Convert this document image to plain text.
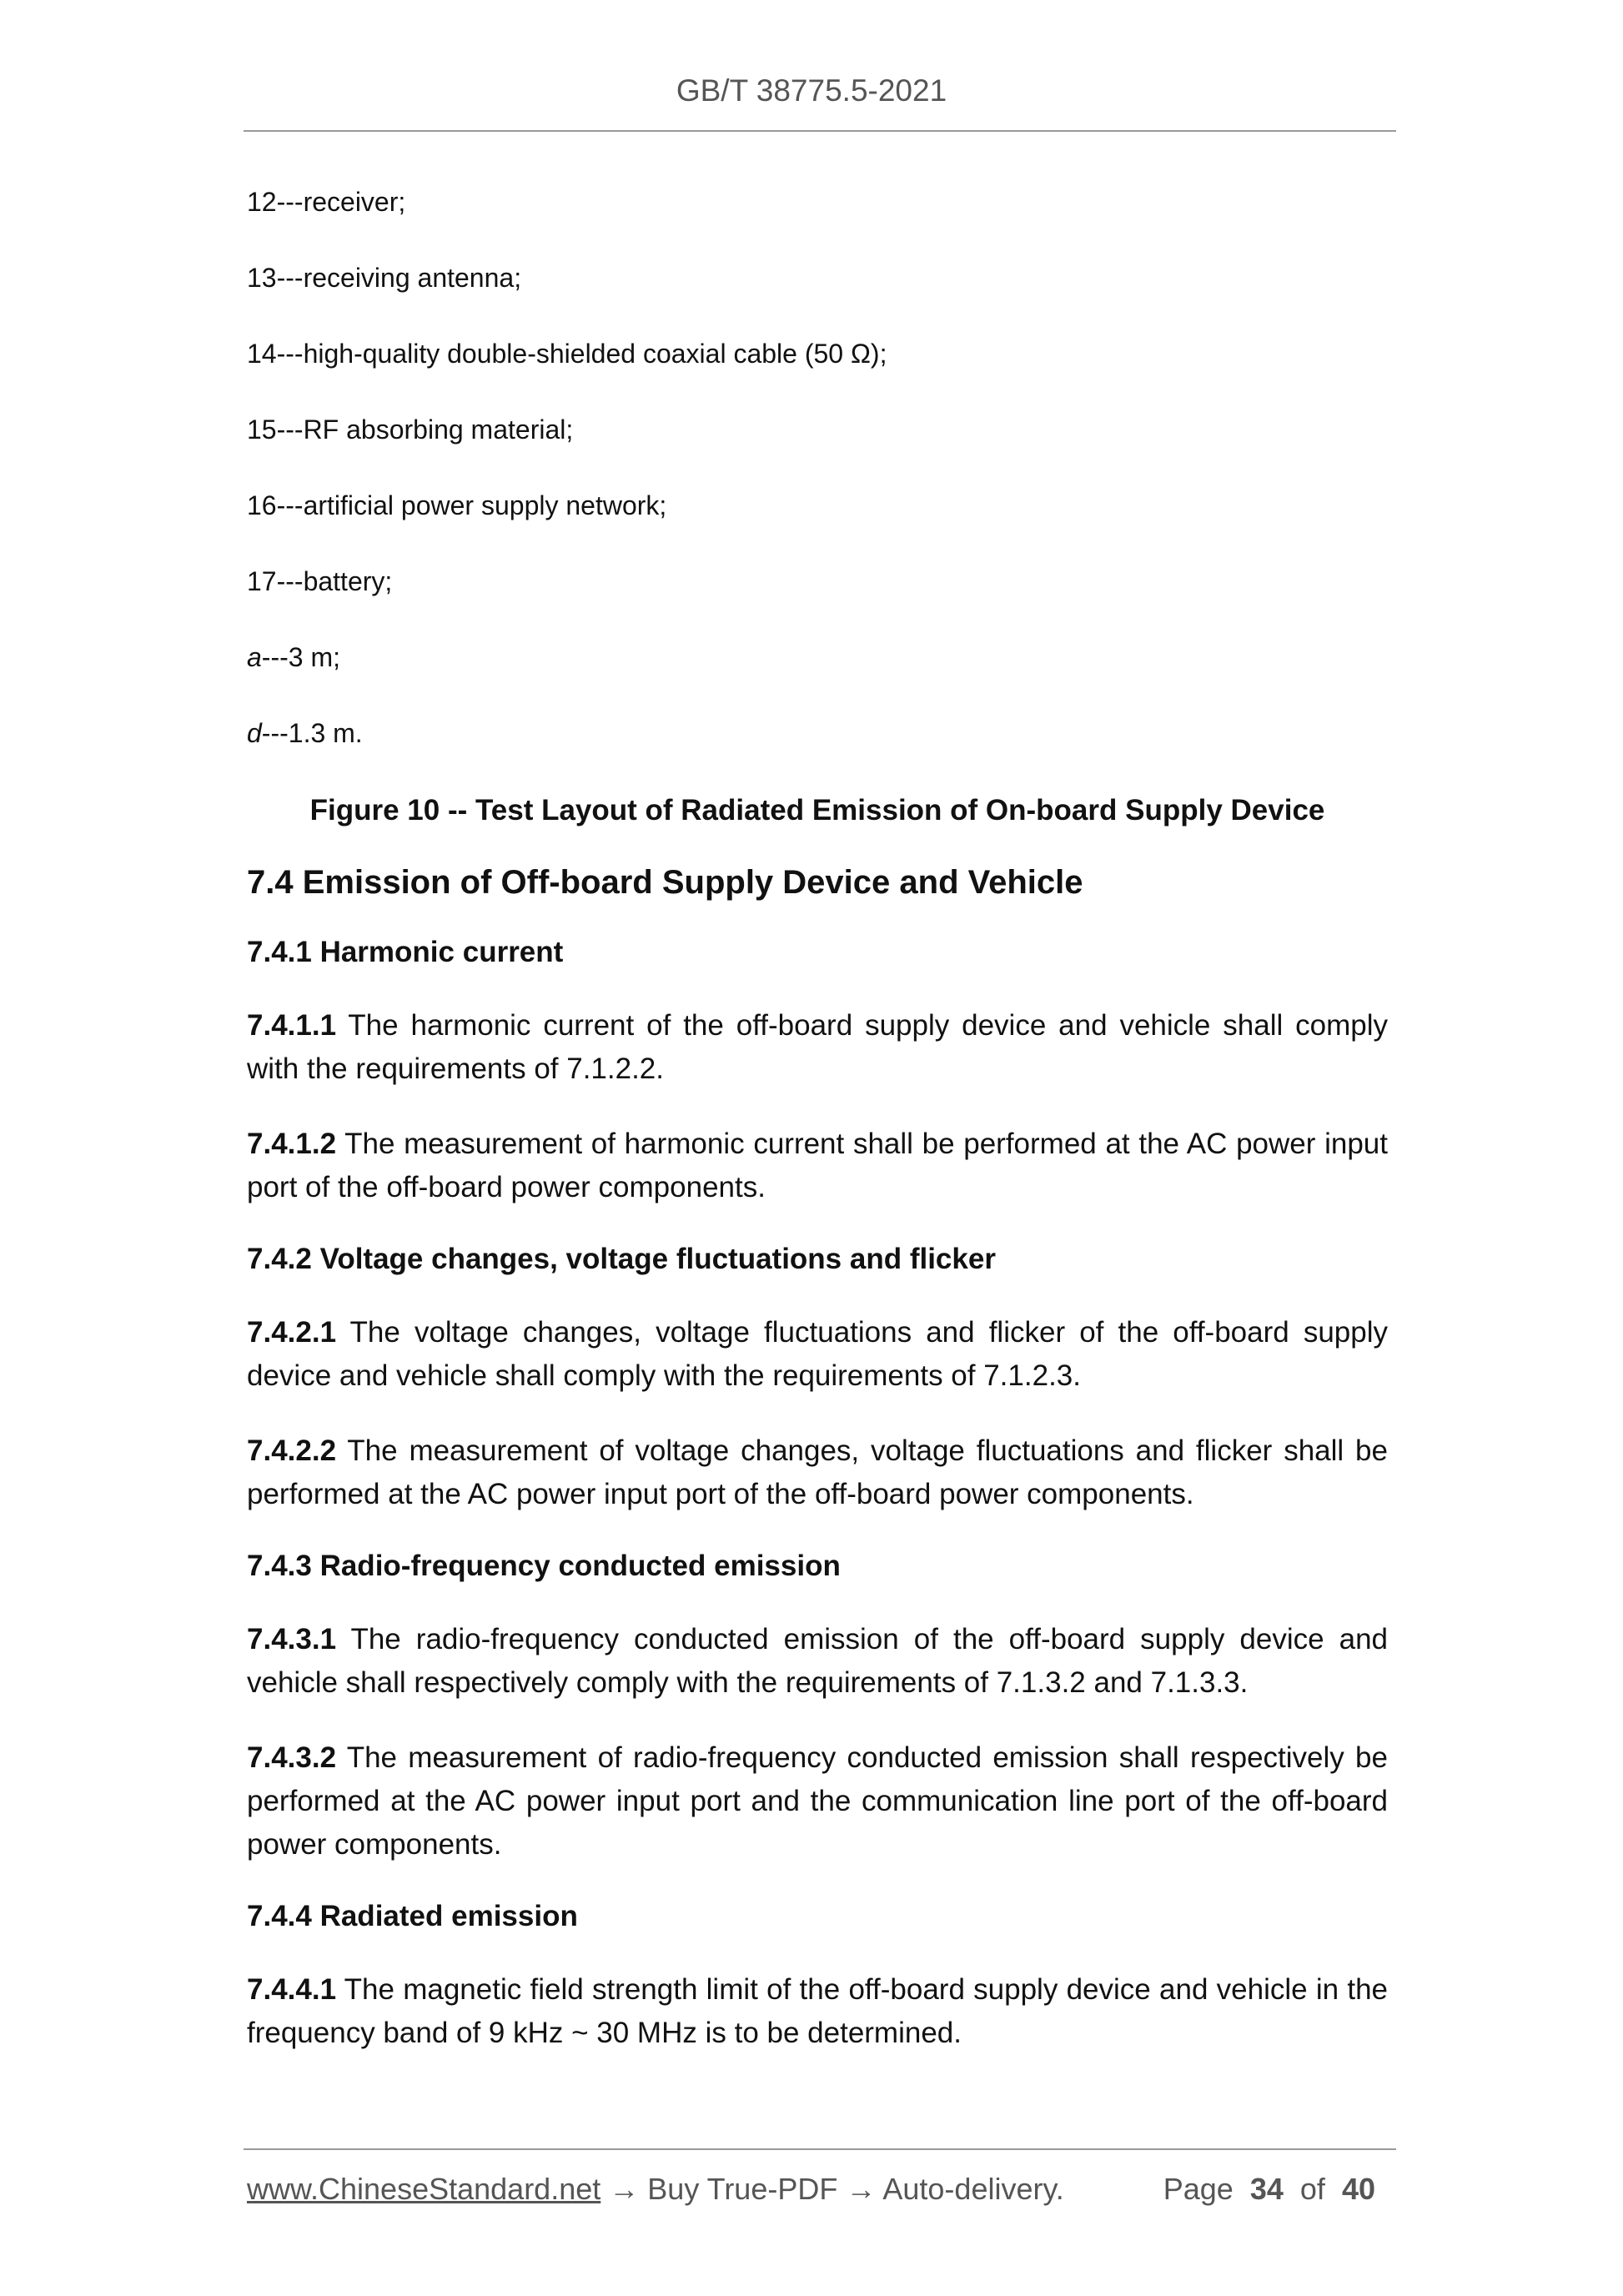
GB/T 38775.5-2021
12---receiver;
13---receiving antenna;
14---high-quality double-shielded coaxial cable (50 Ω);
15---RF absorbing material;
16---artificial power supply network;
17---battery;
a---3 m;
d---1.3 m.
Figure 10 -- Test Layout of Radiated Emission of On-board Supply Device
7.4 Emission of Off-board Supply Device and Vehicle
7.4.1 Harmonic current
7.4.1.1 The harmonic current of the off-board supply device and vehicle shall comply with the requirements of 7.1.2.2.
7.4.1.2 The measurement of harmonic current shall be performed at the AC power input port of the off-board power components.
7.4.2 Voltage changes, voltage fluctuations and flicker
7.4.2.1 The voltage changes, voltage fluctuations and flicker of the off-board supply device and vehicle shall comply with the requirements of 7.1.2.3.
7.4.2.2 The measurement of voltage changes, voltage fluctuations and flicker shall be performed at the AC power input port of the off-board power components.
7.4.3 Radio-frequency conducted emission
7.4.3.1 The radio-frequency conducted emission of the off-board supply device and vehicle shall respectively comply with the requirements of 7.1.3.2 and 7.1.3.3.
7.4.3.2 The measurement of radio-frequency conducted emission shall respectively be performed at the AC power input port and the communication line port of the off-board power components.
7.4.4 Radiated emission
7.4.4.1 The magnetic field strength limit of the off-board supply device and vehicle in the frequency band of 9 kHz ~ 30 MHz is to be determined.
www.ChineseStandard.net → Buy True-PDF → Auto-delivery.	Page 34 of 40
